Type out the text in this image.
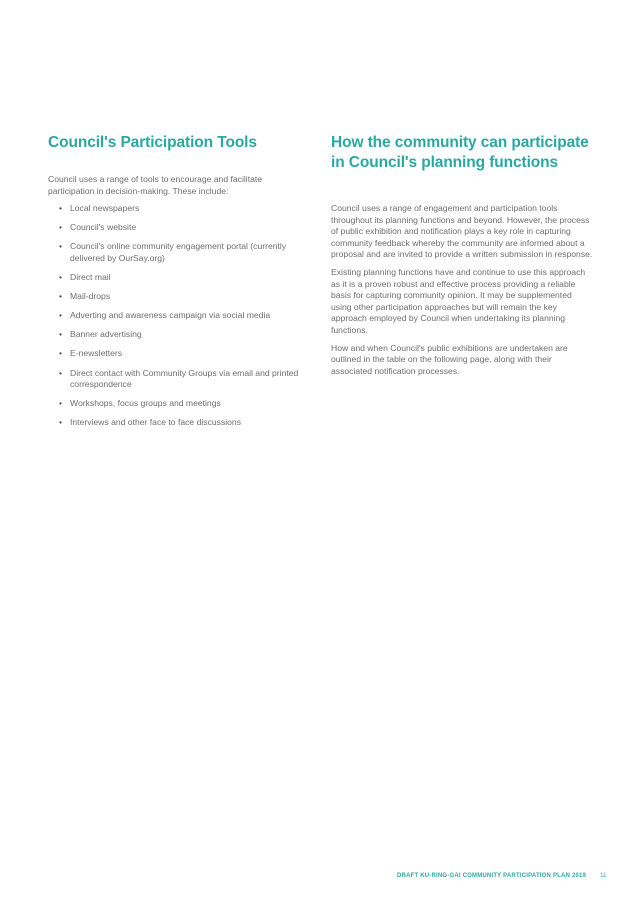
Council's Participation Tools

Council uses a range of tools to encourage and facilitate participation in decision-making. These include:

• Local newspapers
• Council's website
• Council's online community engagement portal (currently delivered by OurSay.org)
• Direct mail
• Mail-drops
• Adverting and awareness campaign via social media
• Banner advertising
• E-newsletters
• Direct contact with Community Groups via email and printed correspondence
• Workshops, focus groups and meetings
• Interviews and other face to face discussions
How the community can participate in Council's planning functions

Council uses a range of engagement and participation tools throughout its planning functions and beyond. However, the process of public exhibition and notification plays a key role in capturing community feedback whereby the community are informed about a proposal and are invited to provide a written submission in response.

Existing planning functions have and continue to use this approach as it is a proven robust and effective process providing a reliable basis for capturing community opinion. It may be supplemented using other participation approaches but will remain the key approach employed by Council when undertaking its planning functions.

How and when Council's public exhibitions are undertaken are outlined in the table on the following page, along with their associated notification processes.

DRAFT KU-RING-GAI COMMUNITY PARTICIPATION PLAN 2019 11
